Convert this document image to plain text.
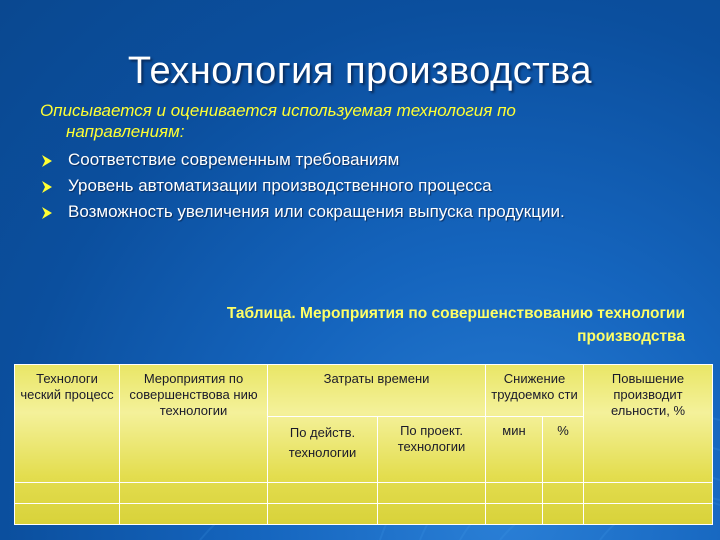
Технология производства
Описывается и оценивается используемая технология по
направлениям:
Соответствие современным требованиям
Уровень автоматизации производственного процесса
Возможность увеличения или сокращения выпуска продукции.
Таблица. Мероприятия по совершенствованию технологии
производства
Технологи ческий процесс	Мероприятия по совершенствова нию технологии	Затраты времени		Снижение трудоемко сти		Повышение производит ельности, %
		По действ. технологии	По проект. технологии	мин	%	
